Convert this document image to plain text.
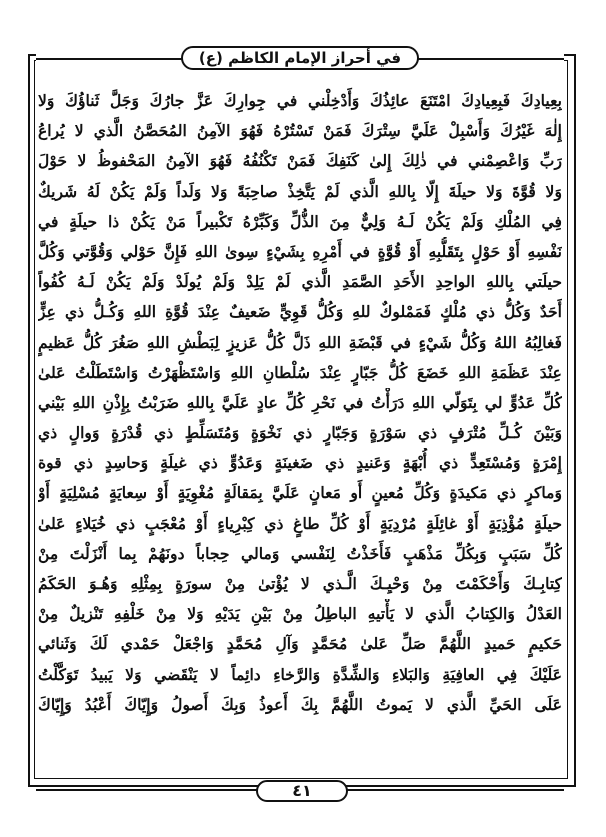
في أحراز الإمام الكاظم (ع)
بِعِيادِكَ فَبِعِيادِكَ امْتَنَعَ عائِذُكَ وَأَدْخِلْني في جِوارِكَ عَزَّ جارُكَ وَجَلَّ ثَناؤُكَ وَلا
إِلٰهَ غَيْرُكَ وَأَسْبِلْ عَلَيَّ سِتْرَكَ فَمَنْ تَسْتُرْهُ فَهُوَ الآمِنُ المُحَصَّنُ الَّذي لا يُراعُ
رَبِّ وَاعْصِمْني في ذٰلِكَ إِلىٰ كَنَفِكَ فَمَنْ تَكْنُفُهُ فَهُوَ الآمِنُ المَحْفوظُ لا حَوْلَ
وَلا قُوَّةَ وَلا حيلَةَ إِلّا بِاللهِ الَّذي لَمْ يَتَّخِذْ صاحِبَةً وَلا وَلَداً وَلَمْ يَكُنْ لَهُ شَريكٌ
فِي المُلْكِ وَلَمْ يَكُنْ لَـهُ وَلِيٌّ مِنَ الذُّلِّ وَكَبِّرْهُ تَكْبيراً مَنْ يَكُنْ ذا حيلَةٍ في
نَفْسِهِ أَوْ حَوْلٍ بِتَقَلُّبِهِ أَوْ قُوَّةٍ في أَمْرِهِ بِشَيْءٍ سِوىٰ اللهِ فَإِنَّ حَوْلي وَقُوَّتي وَكُلَّ
حيلَتي بِاللهِ الواحِدِ الأَحَدِ الصَّمَدِ الَّذي لَمْ يَلِدْ وَلَمْ يُولَدْ وَلَمْ يَكُنْ لَـهُ كُفُواً
أَحَدٌ وَكُلُّ ذي مُلْكٍ فَمَمْلوكٌ للهِ وَكُلُّ قَوِيٍّ ضَعيفٌ عِنْدَ قُوَّةِ اللهِ وَكُـلُّ ذي عِزٍّ
فَغالِبُهُ اللهُ وَكُلُّ شَيْءٍ في قَبْضَةِ اللهِ ذَلَّ كُلُّ عَزيزٍ لِبَطْشِ اللهِ صَغُرَ كُلُّ عَظيمٍ
عِنْدَ عَظَمَةِ اللهِ خَضَعَ كُلُّ جَبّارٍ عِنْدَ سُلْطانِ اللهِ وَاسْتَظْهَرْتُ وَاسْتَطَلْتُ عَلىٰ
كُلِّ عَدُوٍّ لي بِتَوَلّي اللهِ دَرَأْتُ في نَحْرِ كُلِّ عادٍ عَلَيَّ بِاللهِ ضَرَبْتُ بِإِذْنِ اللهِ بَيْني
وَبَيْنَ كُـلِّ مُتْرَفٍ ذي سَوْرَةٍ وَجَبّارٍ ذي نَخْوَةٍ وَمُتَسَلِّطٍ ذي قُدْرَةٍ وَوالٍ ذي
إِمْرَةٍ وَمُسْتَعِدٍّ ذي أُبْهَةٍ وَعَنيدٍ ذي ضَغينَةٍ وَعَدُوٍّ ذي غيلَةٍ وَحاسِدٍ ذي قوة
وَماكرٍ ذي مَكيدَةٍ وَكُلِّ مُعينٍ أَو مَعانٍ عَلَيَّ بِمَقالَةٍ مُغْوِيَةٍ أَوْ سِعايَةٍ مُسْلِيَةٍ أَوْ
حيلَةٍ مُؤْذِيَةٍ أَوْ غائِلَةٍ مُرْدِيَةٍ أَوْ كُلِّ طاغٍ ذي كِبْرِياءٍ أَوْ مُعْجَبٍ ذي خُيَلاءٍ عَلىٰ
كُلِّ سَبَبٍ وَبِكُلِّ مَذْهَبٍ فَأَخَذْتُ لِنَفْسي وَمالي حِجاباً دونَهُمْ بِما أَنْزَلْتَ مِنْ
كِتابِـكَ وَأَحْكَمْتَ مِنْ وَحْيِـكَ الَّـذي لا يُؤْتىٰ مِنْ سورَةٍ بِمِثْلِهِ وَهُـوَ الحَكَمُ
العَدْلُ وَالكِتابُ الَّذي لا يَأْتيهِ الباطِلُ مِنْ بَيْنِ يَدَيْهِ وَلا مِنْ خَلْفِهِ تَنْزيلٌ مِنْ
حَكيمٍ حَميدٍ اللَّهُمَّ صَلِّ عَلىٰ مُحَمَّدٍ وَآلِ مُحَمَّدٍ وَاجْعَلْ حَمْدي لَكَ وَثَنائي
عَلَيْكَ فِي العافِيَةِ وَالبَلاءِ وَالشِّدَّةِ وَالرَّخاءِ دائِماً لا يَنْقَضي وَلا يَبيدُ تَوَكَّلْتُ
عَلَى الحَيِّ الَّذي لا يَموتُ اللَّهُمَّ بِكَ أَعوذُ وَبِكَ أَصولُ وَإِيّاكَ أَعْبُدُ وَإِيّاكَ
٤١
